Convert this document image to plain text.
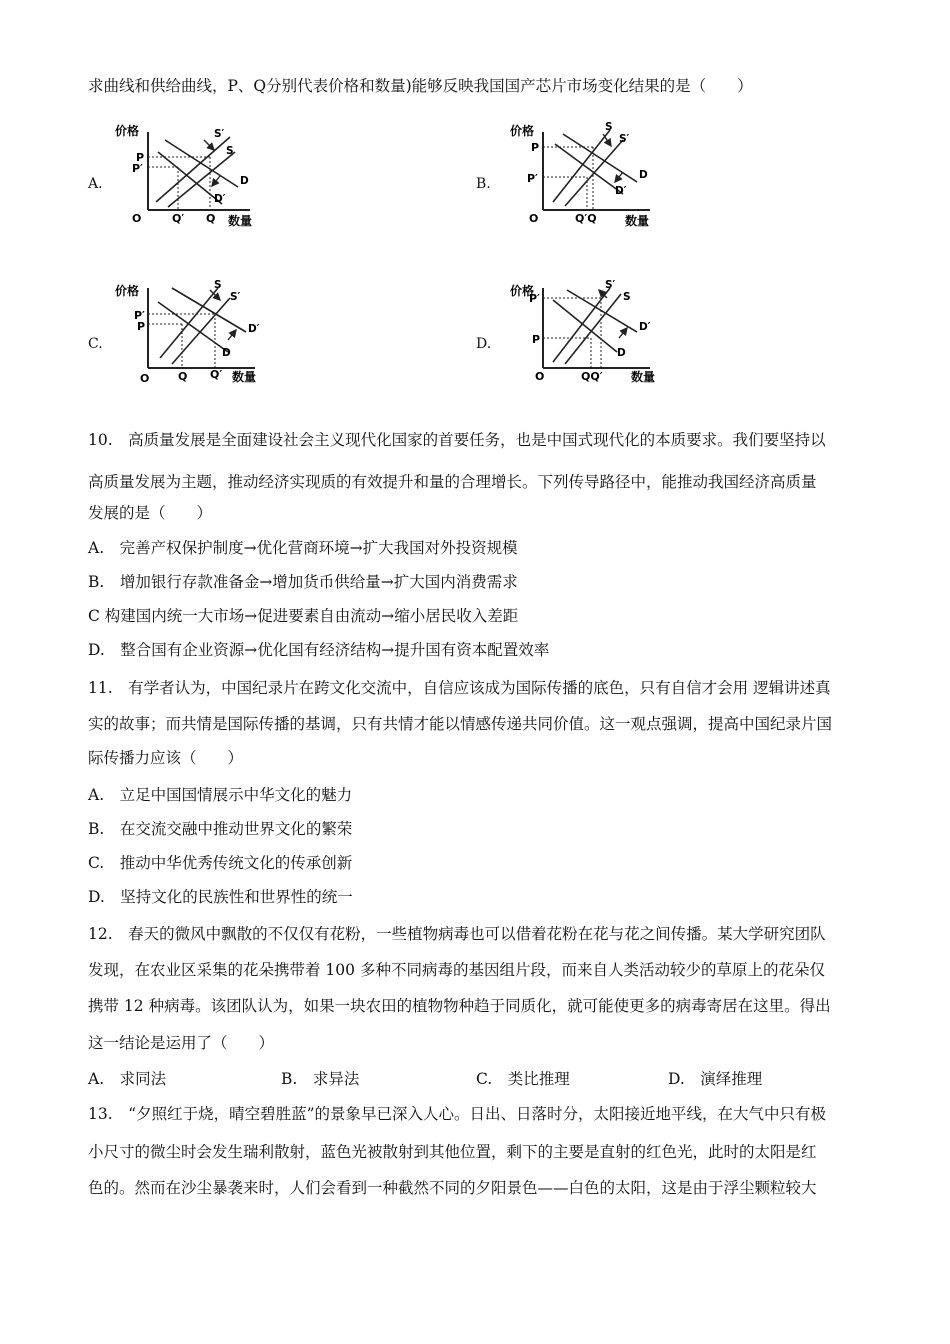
求曲线和供给曲线，P、Q分别代表价格和数量)能够反映我国国产芯片市场变化结果的是（　　）
A.	B.
C.	D.
价格
数量
O
P
P′
Q′ Q
S′
S
D
D′
价格
数量
O
P
P′
Q′Q
S
S′
D
D′
价格
数量
O
P′
P
Q Q′
S
S′
D′
D
价格
数量
O
P′
P
QQ′
S′
S
D′
D
10.　高质量发展是全面建设社会主义现代化国家的首要任务，也是中国式现代化的本质要求。我们要坚持以
高质量发展为主题，推动经济实现质的有效提升和量的合理增长。下列传导路径中，能推动我国经济高质量
发展的是（　　）
A.　完善产权保护制度→优化营商环境→扩大我国对外投资规模
B.　增加银行存款准备金→增加货币供给量→扩大国内消费需求
C 构建国内统一大市场→促进要素自由流动→缩小居民收入差距
D.　整合国有企业资源→优化国有经济结构→提升国有资本配置效率
11.　有学者认为，中国纪录片在跨文化交流中，自信应该成为国际传播的底色，只有自信才会用 逻辑讲述真
实的故事；而共情是国际传播的基调，只有共情才能以情感传递共同价值。这一观点强调，提高中国纪录片国
际传播力应该（　　）
A.　立足中国国情展示中华文化的魅力
B.　在交流交融中推动世界文化的繁荣
C.　推动中华优秀传统文化的传承创新
D.　坚持文化的民族性和世界性的统一
12.　春天的微风中飘散的不仅仅有花粉，一些植物病毒也可以借着花粉在花与花之间传播。某大学研究团队
发现，在农业区采集的花朵携带着 100 多种不同病毒的基因组片段，而来自人类活动较少的草原上的花朵仅
携带 12 种病毒。该团队认为，如果一块农田的植物物种趋于同质化，就可能使更多的病毒寄居在这里。得出
这一结论是运用了（　　）
A.　求同法	B.　求异法	C.　类比推理	D.　演绎推理
13.　“夕照红于烧，晴空碧胜蓝”的景象早已深入人心。日出、日落时分，太阳接近地平线，在大气中只有极
小尺寸的微尘时会发生瑞利散射，蓝色光被散射到其他位置，剩下的主要是直射的红色光，此时的太阳是红
色的。然而在沙尘暴袭来时，人们会看到一种截然不同的夕阳景色——白色的太阳，这是由于浮尘颗粒较大
